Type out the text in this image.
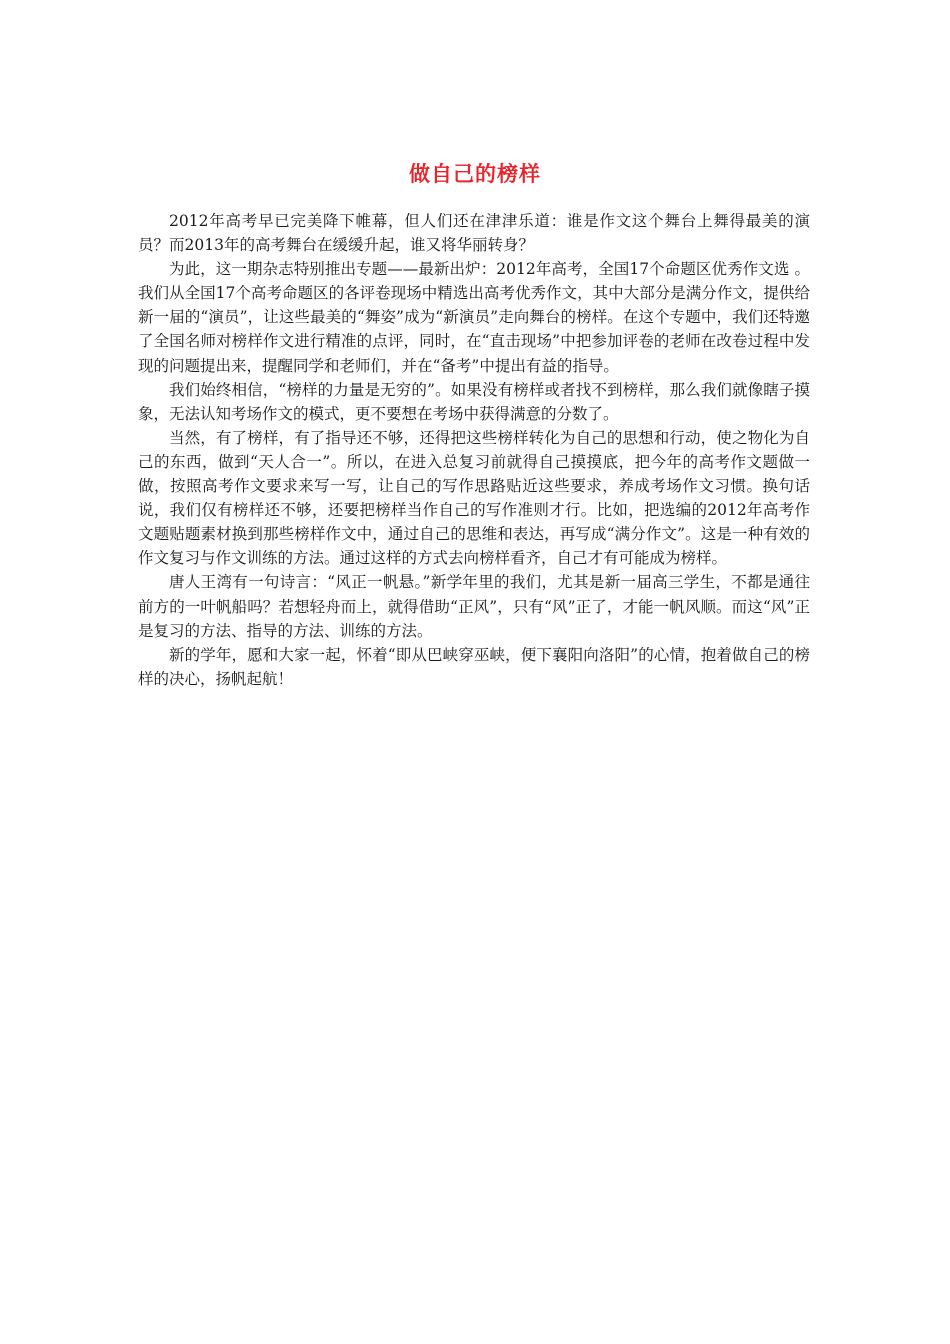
做自己的榜样

2012年高考早已完美降下帷幕，但人们还在津津乐道：谁是作文这个舞台上舞得最美的演员？而2013年的高考舞台在缓缓升起，谁又将华丽转身？

为此，这一期杂志特别推出专题——最新出炉：2012年高考，全国17个命题区优秀作文选 。我们从全国17个高考命题区的各评卷现场中精选出高考优秀作文，其中大部分是满分作文，提供给新一届的“演员”，让这些最美的“舞姿”成为“新演员”走向舞台的榜样。在这个专题中，我们还特邀了全国名师对榜样作文进行精准的点评，同时，在“直击现场”中把参加评卷的老师在改卷过程中发现的问题提出来，提醒同学和老师们，并在“备考”中提出有益的指导。

我们始终相信，“榜样的力量是无穷的”。如果没有榜样或者找不到榜样，那么我们就像瞎子摸象，无法认知考场作文的模式，更不要想在考场中获得满意的分数了。

当然，有了榜样，有了指导还不够，还得把这些榜样转化为自己的思想和行动，使之物化为自己的东西，做到“天人合一”。所以，在进入总复习前就得自己摸摸底，把今年的高考作文题做一做，按照高考作文要求来写一写，让自己的写作思路贴近这些要求，养成考场作文习惯。换句话说，我们仅有榜样还不够，还要把榜样当作自己的写作准则才行。比如，把选编的2012年高考作文题贴题素材换到那些榜样作文中，通过自己的思维和表达，再写成“满分作文”。这是一种有效的作文复习与作文训练的方法。通过这样的方式去向榜样看齐，自己才有可能成为榜样。

唐人王湾有一句诗言：“风正一帆悬。”新学年里的我们，尤其是新一届高三学生，不都是通往前方的一叶帆船吗？若想轻舟而上，就得借助“正风”，只有“风”正了，才能一帆风顺。而这“风”正是复习的方法、指导的方法、训练的方法。

新的学年，愿和大家一起，怀着“即从巴峡穿巫峡，便下襄阳向洛阳”的心情，抱着做自己的榜样的决心，扬帆起航！
